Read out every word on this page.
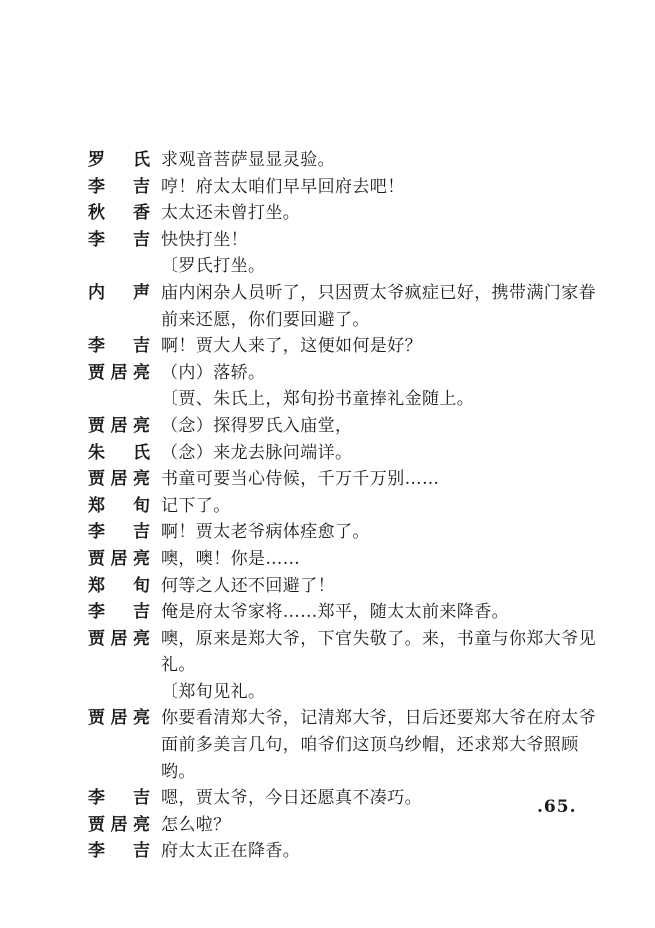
罗 氏 求观音菩萨显显灵验。
李 吉 哼！府太太咱们早早回府去吧！
秋 香 太太还未曾打坐。
李 吉 快快打坐！
〔罗氏打坐。
内 声 庙内闲杂人员听了，只因贾太爷疯症已好，携带满门家眷前来还愿，你们要回避了。
李 吉 啊！贾大人来了，这便如何是好？
贾居亮 （内）落轿。
〔贾、朱氏上，郑旬扮书童捧礼金随上。
贾居亮 （念）探得罗氏入庙堂，
朱 氏 （念）来龙去脉问端详。
贾居亮 书童可要当心侍候，千万千万别……
郑 旬 记下了。
李 吉 啊！贾太老爷病体痊愈了。
贾居亮 噢，噢！你是……
郑 旬 何等之人还不回避了！
李 吉 俺是府太爷家将……郑平，随太太前来降香。
贾居亮 噢，原来是郑大爷，下官失敬了。来，书童与你郑大爷见礼。
〔郑旬见礼。
贾居亮 你要看清郑大爷，记清郑大爷，日后还要郑大爷在府太爷面前多美言几句，咱爷们这顶乌纱帽，还求郑大爷照顾哟。
李 吉 嗯，贾太爷，今日还愿真不凑巧。
贾居亮 怎么啦？
李 吉 府太太正在降香。
.65.
